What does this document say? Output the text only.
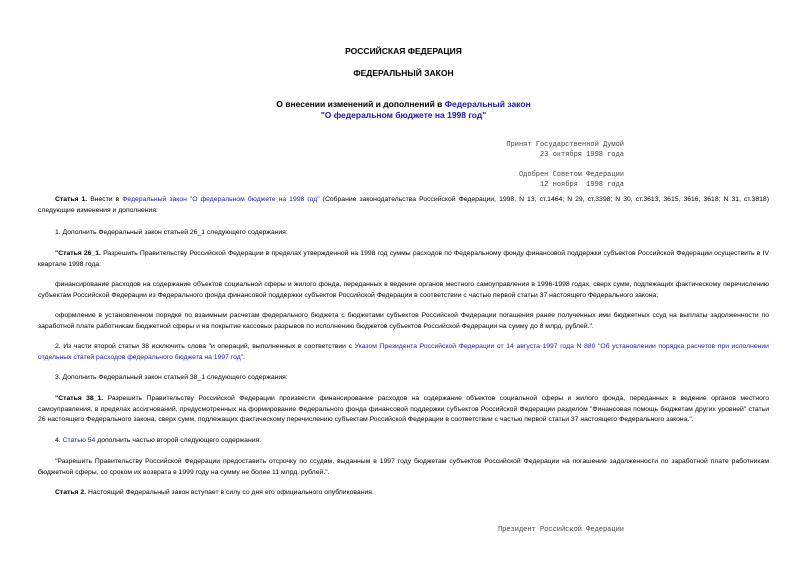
РОССИЙСКАЯ ФЕДЕРАЦИЯ
ФЕДЕРАЛЬНЫЙ ЗАКОН
О внесении изменений и дополнений в Федеральный закон
"О федеральном бюджете на 1998 год"
Принят Государственной Думой
23 октября 1998 года
Одобрен Советом Федерации
12 ноября  1998 года
Статья 1. Внести в Федеральный закон "О федеральном бюджете на 1998 год" (Собрание законодательства Российской Федерации, 1998, N 13, ст.1464; N 29, ст.3398; N 30, ст.3613, 3615, 3616, 3618; N 31, ст.3818) следующие изменения и дополнения:
1. Дополнить Федеральный закон статьей 26_1 следующего содержания:
"Статья 26_1. Разрешить Правительству Российской Федерации в пределах утвержденной на 1998 год суммы расходов по Федеральному фонду финансовой поддержки субъектов Российской Федерации осуществить в IV квартале 1998 года:
финансирование расходов на содержание объектов социальной сферы и жилого фонда, переданных в ведение органов местного самоуправления в 1996-1998 годах, сверх сумм, подлежащих фактическому перечислению субъектам Российской Федерации из Федерального фонда финансовой поддержки субъектов Российской Федерации в соответствии с частью первой статьи 37 настоящего Федерального закона;
оформление в установленном порядке по взаимным расчетам федерального бюджета с бюджетами субъектов Российской Федерации погашения ранее полученных ими бюджетных ссуд на выплаты задолженности по заработной плате работникам бюджетной сферы и на покрытие кассовых разрывов по исполнению бюджетов субъектов Российской Федерации на сумму до 8 млрд. рублей.".
2. Из части второй статьи 38 исключить слова "и операций, выполненных в соответствии с Указом Президента Российской Федерации от 14 августа 1997 года N 880 "Об установлении порядка расчетов при исполнении отдельных статей расходов федерального бюджета на 1997 год".
3. Дополнить Федеральный закон статьей 38_1 следующего содержания:
"Статья 38_1. Разрешить Правительству Российской Федерации произвести финансирование расходов на содержание объектов социальной сферы и жилого фонда, переданных в ведение органов местного самоуправления, в пределах ассигнований, предусмотренных на формирование Федерального фонда финансовой поддержки субъектов Российской Федерации разделом "Финансовая помощь бюджетам других уровней" статьи 26 настоящего Федерального закона, сверх сумм, подлежащих фактическому перечислению субъектам Российской Федерации в соответствии с частью первой статьи 37 настоящего Федерального закона.".
4. Статью 54 дополнить частью второй следующего содержания:
"Разрешить Правительству Российской Федерации предоставить отсрочку по ссудам, выданным в 1997 году бюджетам субъектов Российской Федерации на погашение задолженности по заработной плате работникам бюджетной сферы, со сроком их возврата в 1999 году на сумму не более 11 млрд. рублей.".
Статья 2. Настоящий Федеральный закон вступает в силу со дня его официального опубликования.
Президент Российской Федерации
